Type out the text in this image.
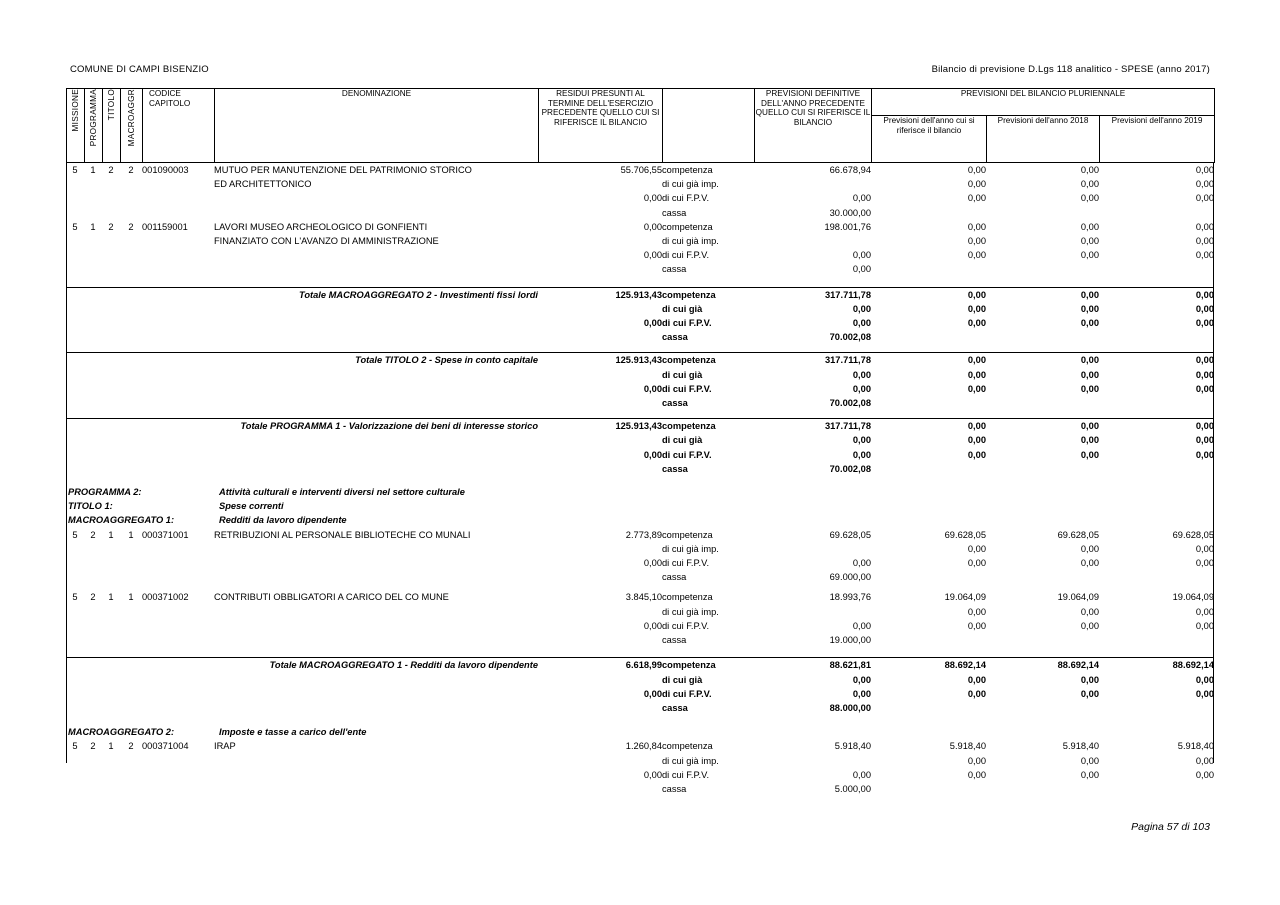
COMUNE DI CAMPI BISENZIO	Bilancio di previsione D.Lgs 118 analitico - SPESE (anno 2017)
MISSIONE	PROGRAMMA	TITOLO	MACROAGGR	CODICE CAPITOLO	DENOMINAZIONE	RESIDUI PRESUNTI AL TERMINE DELL'ESERCIZIO PRECEDENTE QUELLO CUI SI RIFERISCE IL BILANCIO		PREVISIONI DEFINITIVE DELL'ANNO PRECEDENTE QUELLO CUI SI RIFERISCE IL BILANCIO	PREVISIONI DEL BILANCIO PLURIENNALE		
									Previsioni dell'anno cui si riferisce il bilancio	Previsioni dell'anno 2018	Previsioni dell'anno 2019
5	1	2	2	001090003	MUTUO PER MANUTENZIONE DEL PATRIMONIO STORICO	55.706,55	competenza	66.678,94	0,00	0,00	0,00
					ED ARCHITETTONICO		di cui già imp.		0,00	0,00	0,00
						0,00	di cui F.P.V.	0,00	0,00	0,00	0,00
							cassa	30.000,00			
5	1	2	2	001159001	LAVORI MUSEO ARCHEOLOGICO DI GONFIENTI	0,00	competenza	198.001,76	0,00	0,00	0,00
					FINANZIATO CON L'AVANZO DI AMMINISTRAZIONE		di cui già imp.		0,00	0,00	0,00
						0,00	di cui F.P.V.	0,00	0,00	0,00	0,00
							cassa	0,00			

				Totale MACROAGGREGATO 2 - Investimenti fissi lordi		125.913,43	competenza	317.711,78	0,00	0,00	0,00
							di cui già	0,00	0,00	0,00	0,00
						0,00	di cui F.P.V.	0,00	0,00	0,00	0,00
							cassa	70.002,08			

				Totale TITOLO 2 - Spese in conto capitale		125.913,43	competenza	317.711,78	0,00	0,00	0,00
							di cui già	0,00	0,00	0,00	0,00
						0,00	di cui F.P.V.	0,00	0,00	0,00	0,00
							cassa	70.002,08			

				Totale PROGRAMMA 1 - Valorizzazione dei beni di interesse storico		125.913,43	competenza	317.711,78	0,00	0,00	0,00
							di cui già	0,00	0,00	0,00	0,00
						0,00	di cui F.P.V.	0,00	0,00	0,00	0,00
							cassa	70.002,08			

PROGRAMMA 2:					Attività culturali e interventi diversi nel settore culturale						
TITOLO 1:					Spese correnti						
MACROAGGREGATO 1:					Redditi da lavoro dipendente						
5	2	1	1	000371001	RETRIBUZIONI AL PERSONALE BIBLIOTECHE CO MUNALI	2.773,89	competenza	69.628,05	69.628,05	69.628,05	69.628,05
							di cui già imp.		0,00	0,00	0,00
						0,00	di cui F.P.V.	0,00	0,00	0,00	0,00
							cassa	69.000,00			

5	2	1	1	000371002	CONTRIBUTI OBBLIGATORI A CARICO DEL CO MUNE	3.845,10	competenza	18.993,76	19.064,09	19.064,09	19.064,09
							di cui già imp.		0,00	0,00	0,00
						0,00	di cui F.P.V.	0,00	0,00	0,00	0,00
							cassa	19.000,00			

				Totale MACROAGGREGATO 1 - Redditi da lavoro dipendente		6.618,99	competenza	88.621,81	88.692,14	88.692,14	88.692,14
							di cui già	0,00	0,00	0,00	0,00
						0,00	di cui F.P.V.	0,00	0,00	0,00	0,00
							cassa	88.000,00			

MACROAGGREGATO 2:					Imposte e tasse a carico dell'ente						
5	2	1	2	000371004	IRAP	1.260,84	competenza	5.918,40	5.918,40	5.918,40	5.918,40
							di cui già imp.		0,00	0,00	0,00
						0,00	di cui F.P.V.	0,00	0,00	0,00	0,00
							cassa	5.000,00			
Pagina 57 di 103
